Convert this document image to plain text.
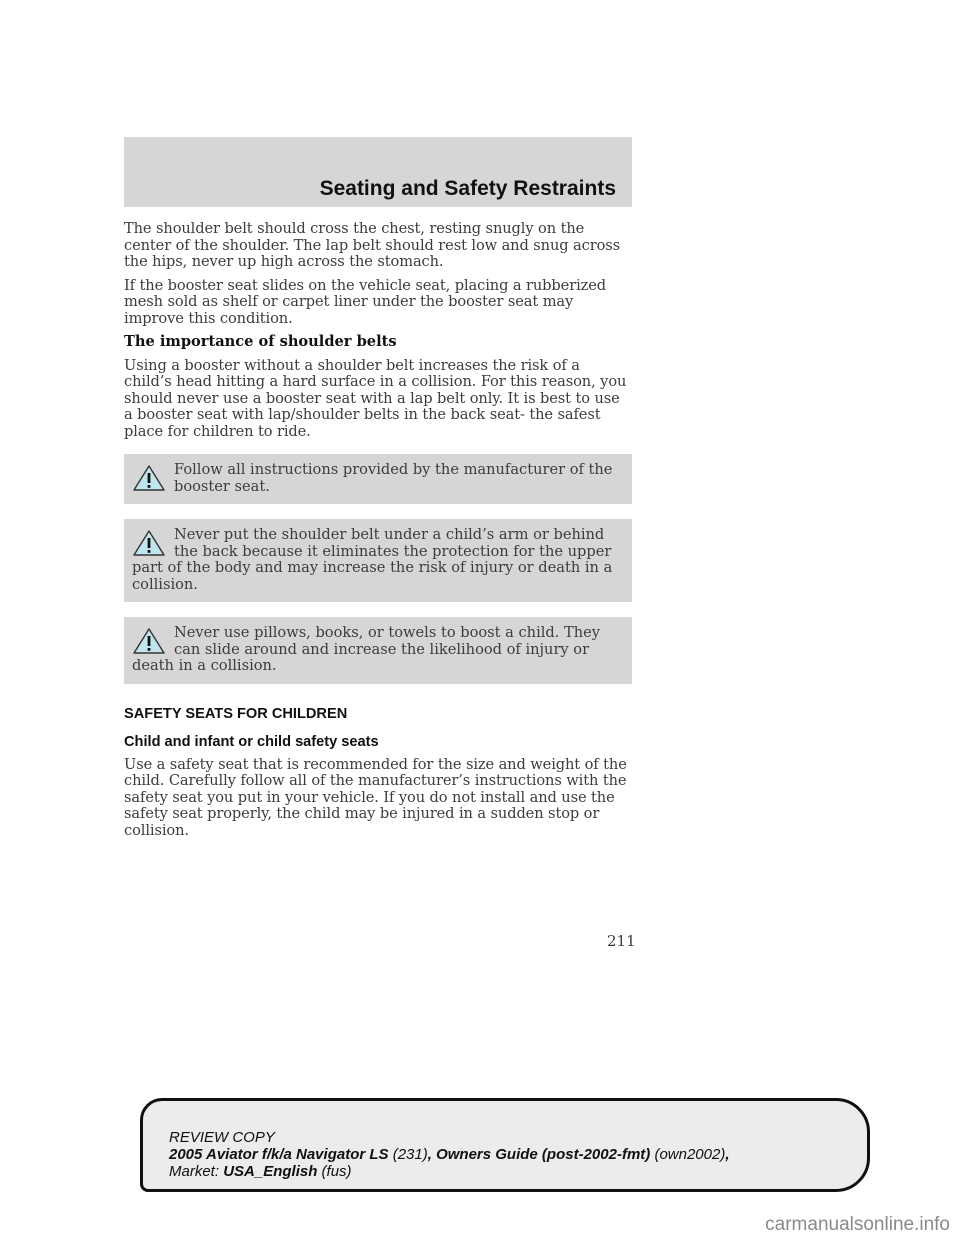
Seating and Safety Restraints

The shoulder belt should cross the chest, resting snugly on the center of the shoulder. The lap belt should rest low and snug across the hips, never up high across the stomach.

If the booster seat slides on the vehicle seat, placing a rubberized mesh sold as shelf or carpet liner under the booster seat may improve this condition.

The importance of shoulder belts

Using a booster without a shoulder belt increases the risk of a child’s head hitting a hard surface in a collision. For this reason, you should never use a booster seat with a lap belt only. It is best to use a booster seat with lap/shoulder belts in the back seat- the safest place for children to ride.

Follow all instructions provided by the manufacturer of the booster seat.
Never put the shoulder belt under a child’s arm or behind the back because it eliminates the protection for the upper part of the body and may increase the risk of injury or death in a collision.
Never use pillows, books, or towels to boost a child. They can slide around and increase the likelihood of injury or death in a collision.
SAFETY SEATS FOR CHILDREN
Child and infant or child safety seats

Use a safety seat that is recommended for the size and weight of the child. Carefully follow all of the manufacturer’s instructions with the safety seat you put in your vehicle. If you do not install and use the safety seat properly, the child may be injured in a sudden stop or collision.

211
REVIEW COPY
2005 Aviator f/k/a Navigator LS (231), Owners Guide (post-2002-fmt) (own2002),
Market: USA_English (fus)
carmanualsonline.info
